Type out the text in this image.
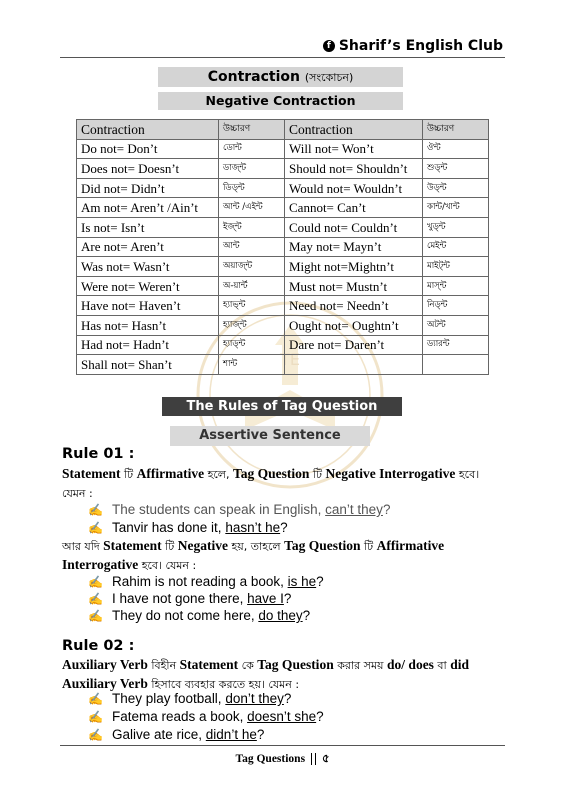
f Sharif’s English Club
Contraction (সংকোচন)
Negative Contraction
TE
Contraction	উচ্চারণ	Contraction	উচ্চারণ
Do not= Don’t	ডোন্ট	Will not= Won’t	ঔন্ট
Does not= Doesn’t	ডাজ্‌ন্ট	Should not= Shouldn’t	শুড্‌ন্ট
Did not= Didn’t	ডিড্‌ন্ট	Would not= Wouldn’t	উড্‌ন্ট
Am not= Aren’t /Ain’t	আন্ট /এইন্ট	Cannot= Can’t	কান্ট/খান্ট
Is not= Isn’t	ইজ্‌ন্ট	Could not= Couldn’t	খুড্‌ন্ট
Are not= Aren’t	আন্ট	May not= Mayn’t	মেইন্ট
Was not= Wasn’t	অয়াজ্‌ন্ট	Might not=Mightn’t	মাইট্‌ন্ট
Were not= Weren’t	অ-য়ার্ন্ট	Must not= Mustn’t	মাস্‌ন্ট
Have not= Haven’t	হ্যাভ্‌ন্ট	Need not= Needn’t	নিড্‌ন্ট
Has not= Hasn’t	হ্যাজ্‌ন্ট	Ought not= Oughtn’t	অটন্ট
Had not= Hadn’t	হ্যাড্‌ন্ট	Dare not= Daren’t	ড্যারন্ট
Shall not= Shan’t	শান্ট		
The Rules of Tag Question
Assertive Sentence
Rule 01 :
Statement টি Affirmative হলে, Tag Question টি Negative Interrogative হবে। যেমন :
✍ The students can speak in English, can’t they ?
✍ Tanvir has done it, hasn’t he ?
আর যদি Statement টি Negative হয়, তাহলে Tag Question টি Affirmative Interrogative হবে। যেমন :
✍ Rahim is not reading a book, is he ?
✍ I have not gone there, have I ?
✍ They do not come here, do they ?
Rule 02 :
Auxiliary Verb বিহীন Statement কে Tag Question করার সময় do/ does বা did Auxiliary Verb হিসাবে ব্যবহার করতে হয়। যেমন :
✍ They play football, don’t they ?
✍ Fatema reads a book, doesn’t she ?
✍ Galive ate rice, didn’t he ?
Tag Questions ৫
